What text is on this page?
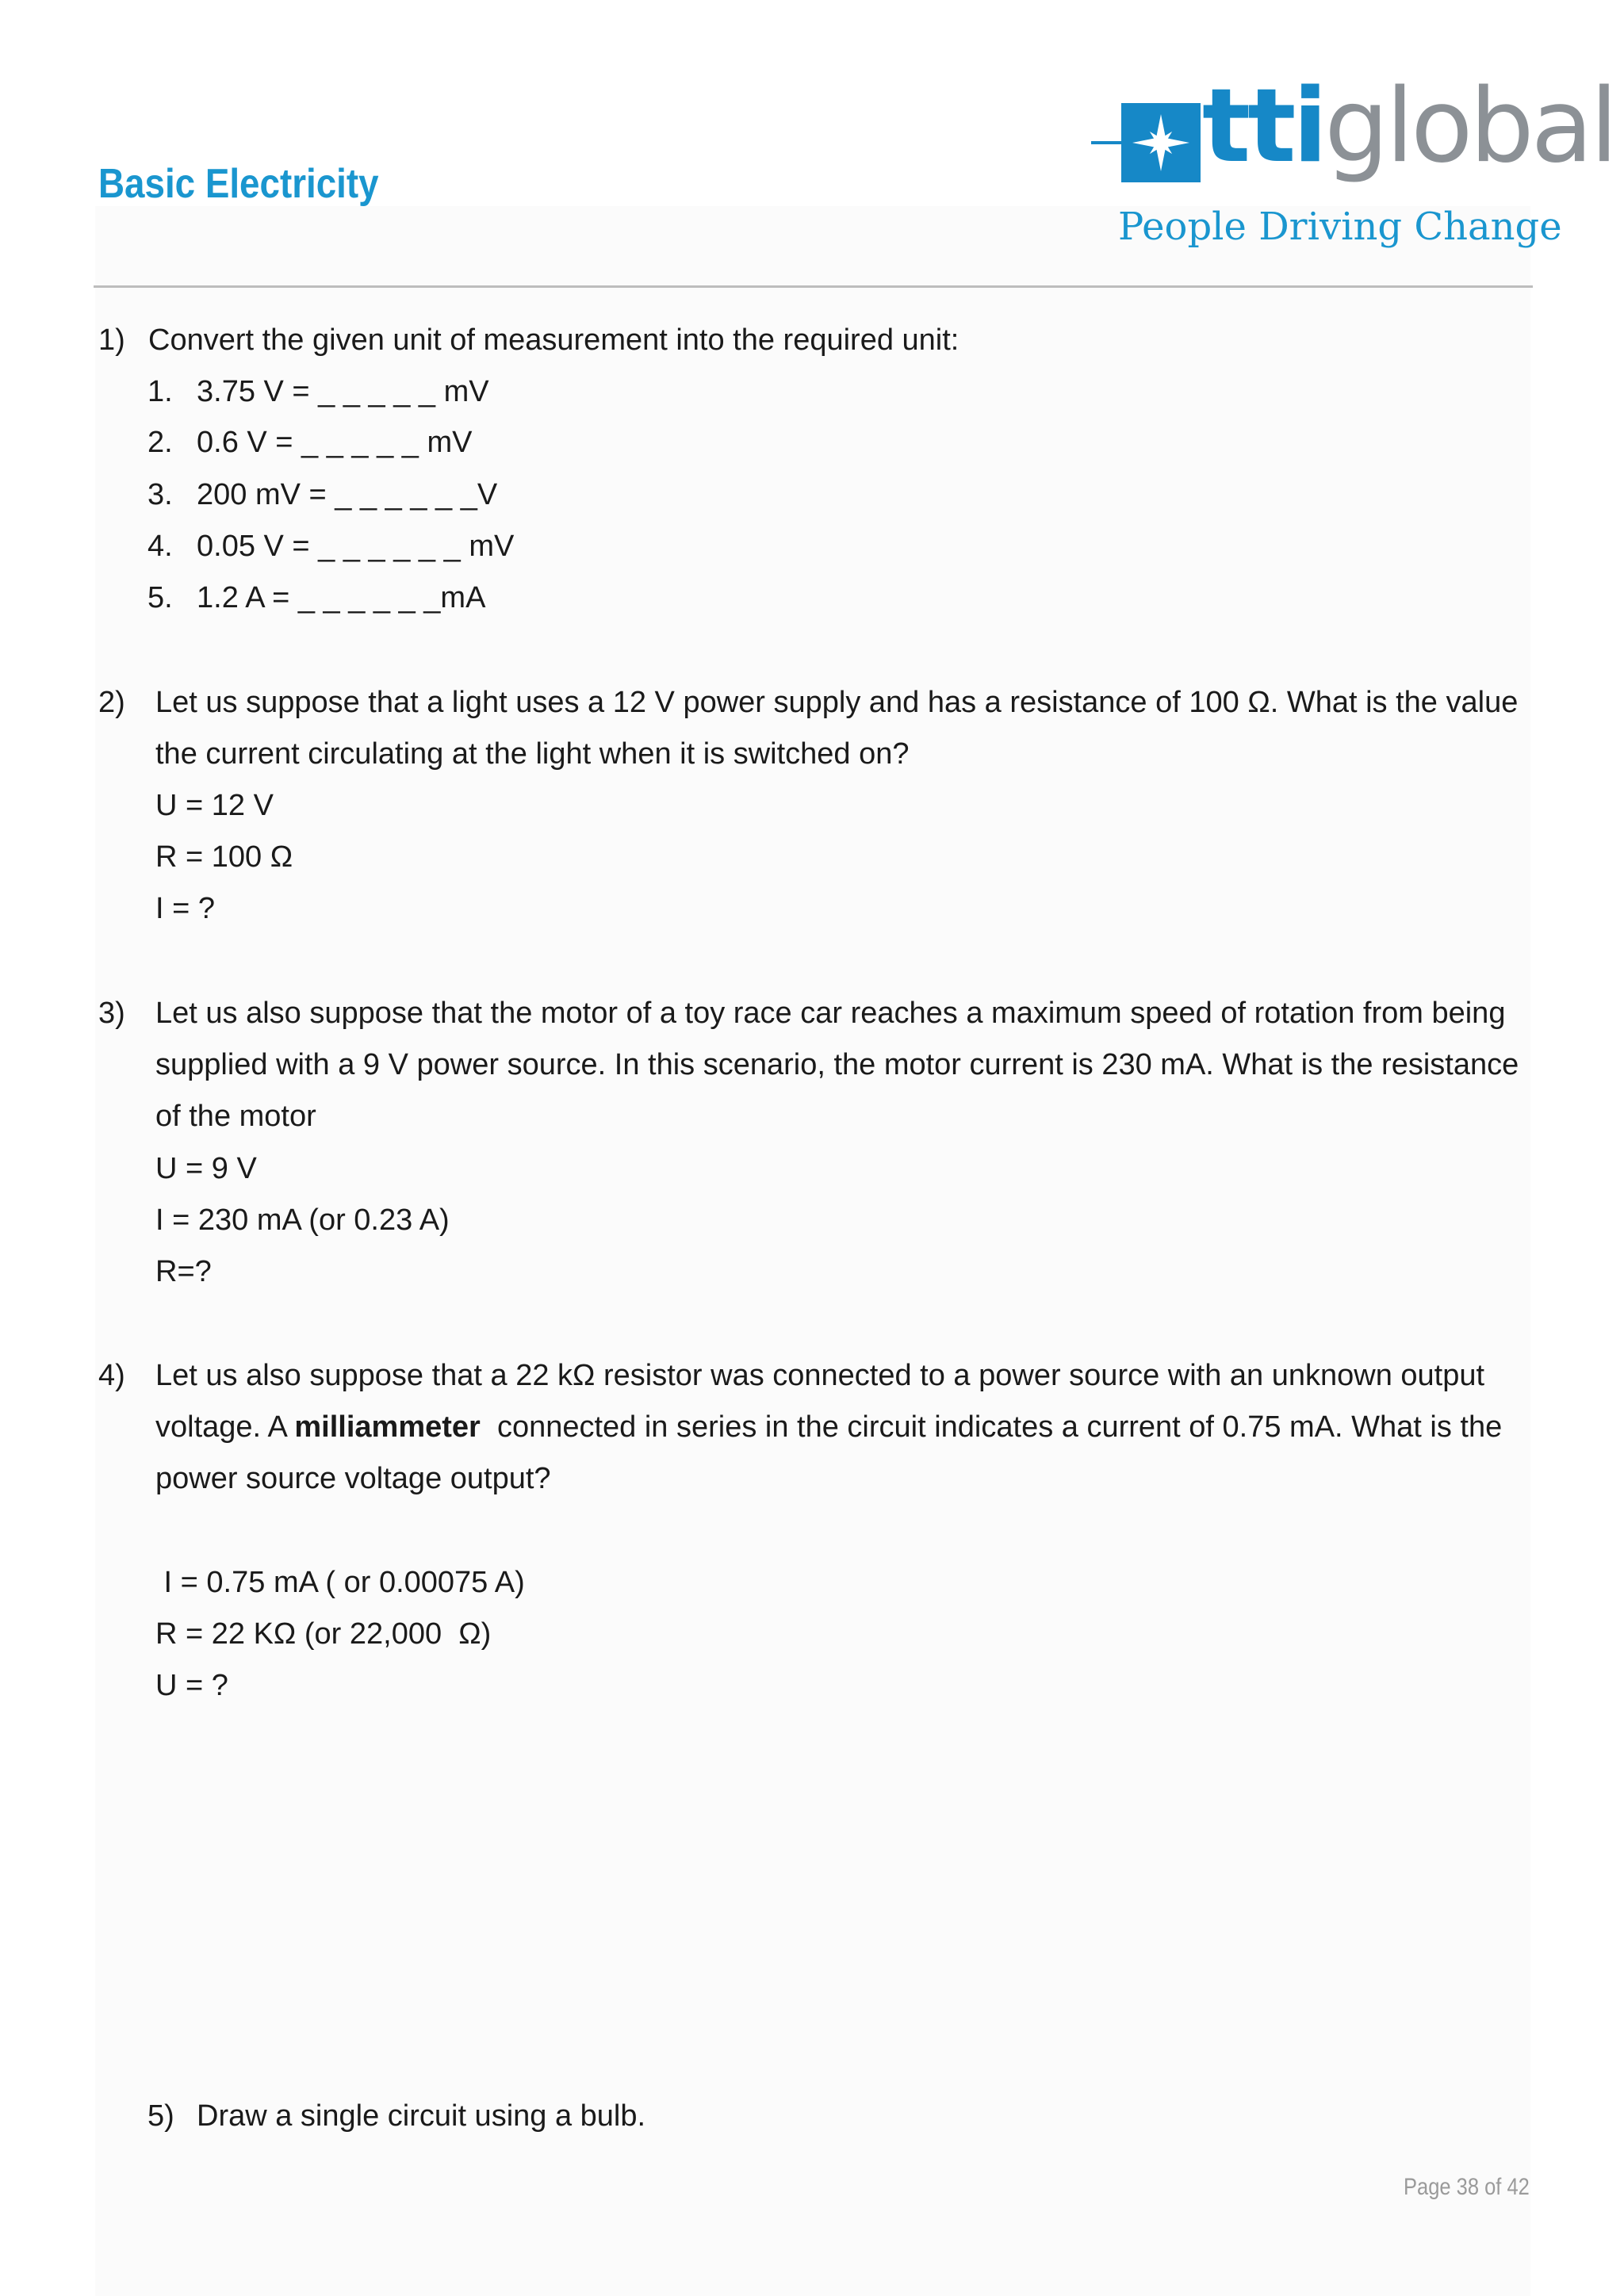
Basic Electricity	ttiglobal
People Driving Change
1) Convert the given unit of measurement into the required unit:
1. 3.75 V = _ _ _ _ _ mV
2. 0.6 V = _ _ _ _ _ mV
3. 200 mV = _ _ _ _ _ _V
4. 0.05 V = _ _ _ _ _ _ mV
5. 1.2 A = _ _ _ _ _ _mA
2) Let us suppose that a light uses a 12 V power supply and has a resistance of 100 Ω. What is the value
the current circulating at the light when it is switched on?
U = 12 V
R = 100 Ω
I = ?
3) Let us also suppose that the motor of a toy race car reaches a maximum speed of rotation from being
supplied with a 9 V power source. In this scenario, the motor current is 230 mA. What is the resistance
of the motor
U = 9 V
I = 230 mA (or 0.23 A)
R=?
4) Let us also suppose that a 22 kΩ resistor was connected to a power source with an unknown output
voltage. A milliammeter  connected in series in the circuit indicates a current of 0.75 mA. What is the
power source voltage output?
I = 0.75 mA ( or 0.00075 A)
R = 22 KΩ (or 22,000  Ω)
U = ?
5) Draw a single circuit using a bulb.
Page 38 of 42
